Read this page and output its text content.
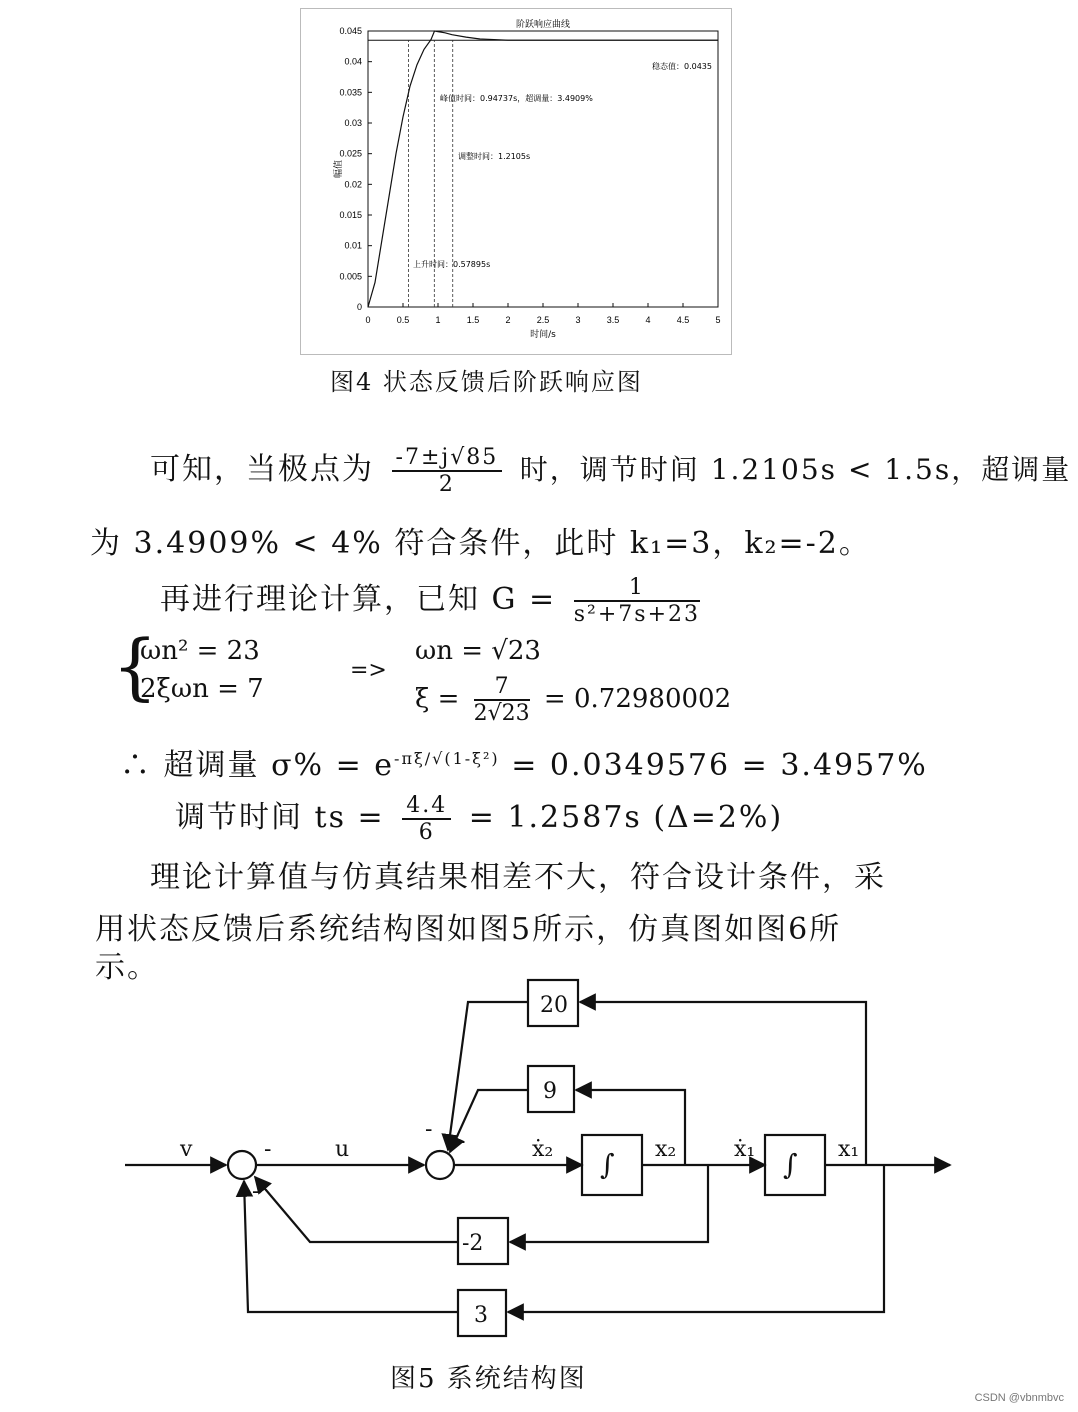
0	0.5	1	1.5	2	2.5	3	3.5	4	4.5	5
0
0.005
0.01
0.015
0.02
0.025
0.03
0.035
0.04
0.045
阶跃响应曲线
时间/s
幅值
稳态值：0.0435
峰值时间：0.94737s，超调量：3.4909%
调整时间：1.2105s
上升时间：0.57895s
图4 状态反馈后阶跃响应图
可知，当极点为 $\frac{-7\pm j√85}{2}$ 时，调节时间 1.2105s < 1.5s，超调量
为 3.4909% < 4% 符合条件，此时 k₁=3，k₂=-2。
再进行理论计算，已知 $G = \frac{1}{\text{s²+7s+23}}$
{
ωn² = 23
2ξωn = 7
=>
ωn = √23
$\xi = \frac{7}{2√23} = 0.72980002$
∴ 超调量 $\sigma\% = e^{-\pi\xi/√(1-\xi^2)} = 0.0349576 = 3.4957\%$
调节时间 ts = $\frac{4.4}{6} = 1.2587s$ (Δ=2%)
理论计算值与仿真结果相差不大，符合设计条件，采
用状态反馈后系统结构图如图5所示，仿真图如图6所
示。
v	u	ẋ₂	x₂	ẋ₁	x₁
20
9
-2
3
∫	∫
- -
-
-
图5 系统结构图
CSDN @vbnmbvc
